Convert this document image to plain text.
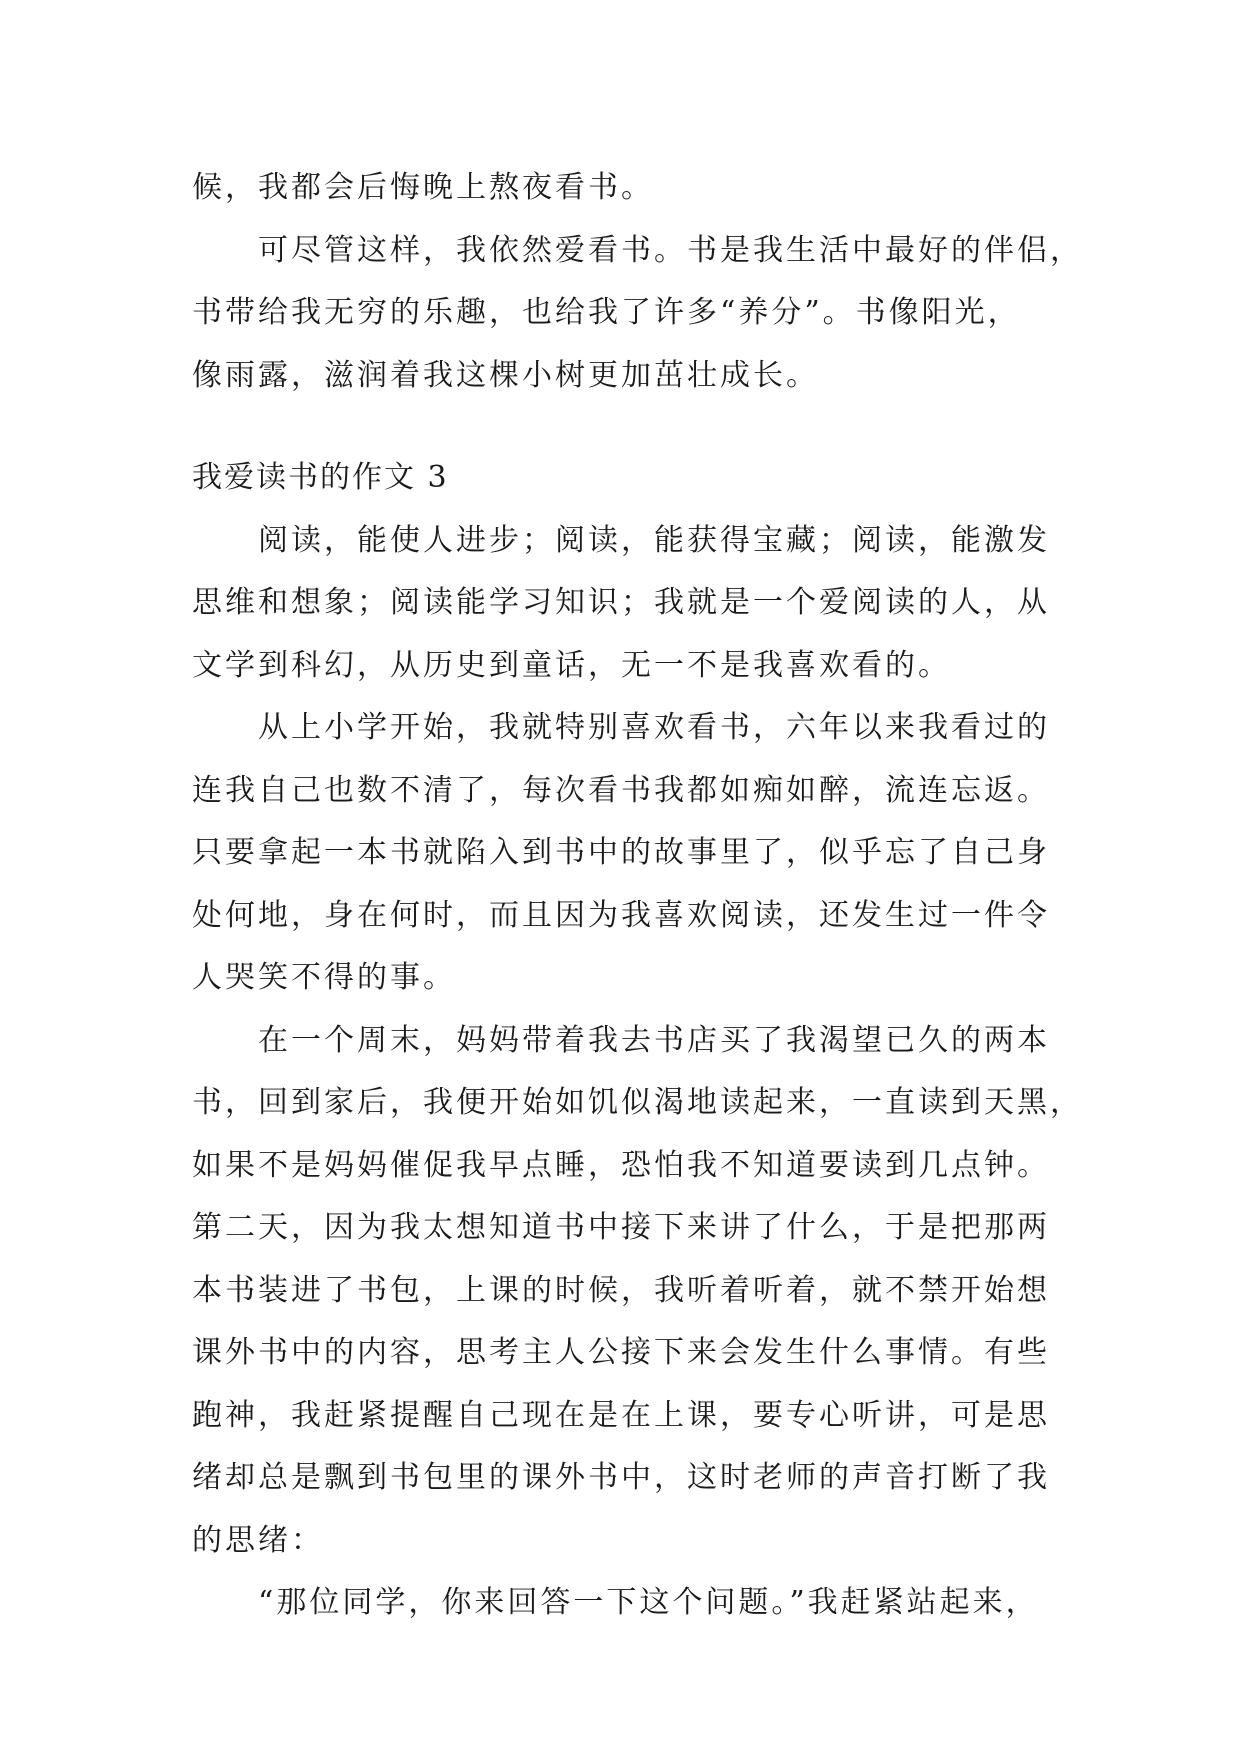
候，我都会后悔晚上熬夜看书。
可尽管这样，我依然爱看书。书是我生活中最好的伴侣，
书带给我无穷的乐趣，也给我了许多“养分”。书像阳光，
像雨露，滋润着我这棵小树更加茁壮成长。
我爱读书的作文 3
阅读，能使人进步；阅读，能获得宝藏；阅读，能激发
思维和想象；阅读能学习知识；我就是一个爱阅读的人，从
文学到科幻，从历史到童话，无一不是我喜欢看的。
从上小学开始，我就特别喜欢看书，六年以来我看过的
连我自己也数不清了，每次看书我都如痴如醉，流连忘返。
只要拿起一本书就陷入到书中的故事里了，似乎忘了自己身
处何地，身在何时，而且因为我喜欢阅读，还发生过一件令
人哭笑不得的事。
在一个周末，妈妈带着我去书店买了我渴望已久的两本
书，回到家后，我便开始如饥似渴地读起来，一直读到天黑，
如果不是妈妈催促我早点睡，恐怕我不知道要读到几点钟。
第二天，因为我太想知道书中接下来讲了什么，于是把那两
本书装进了书包，上课的时候，我听着听着，就不禁开始想
课外书中的内容，思考主人公接下来会发生什么事情。有些
跑神，我赶紧提醒自己现在是在上课，要专心听讲，可是思
绪却总是飘到书包里的课外书中，这时老师的声音打断了我
的思绪：
“那位同学，你来回答一下这个问题。”我赶紧站起来，
